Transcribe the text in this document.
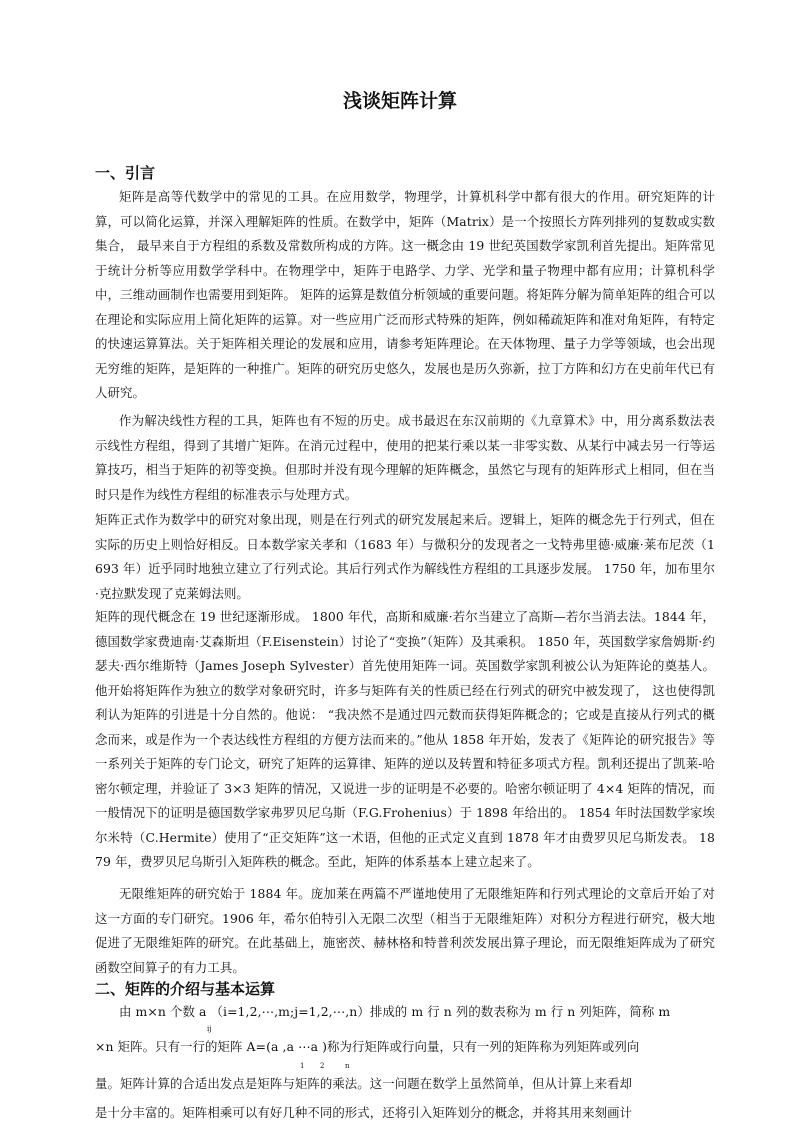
浅谈矩阵计算
一、引言
矩阵是高等代数学中的常见的工具。在应用数学，物理学，计算机科学中都有很大的作用。研究矩阵的计算，可以简化运算，并深入理解矩阵的性质。在数学中，矩阵（Matrix）是一个按照长方阵列排列的复数或实数集合， 最早来自于方程组的系数及常数所构成的方阵。这一概念由 19 世纪英国数学家凯利首先提出。矩阵常见于统计分析等应用数学学科中。在物理学中，矩阵于电路学、力学、光学和量子物理中都有应用；计算机科学中，三维动画制作也需要用到矩阵。 矩阵的运算是数值分析领域的重要问题。将矩阵分解为简单矩阵的组合可以在理论和实际应用上简化矩阵的运算。对一些应用广泛而形式特殊的矩阵，例如稀疏矩阵和准对角矩阵，有特定的快速运算算法。关于矩阵相关理论的发展和应用，请参考矩阵理论。在天体物理、量子力学等领域，也会出现无穷维的矩阵，是矩阵的一种推广。矩阵的研究历史悠久，发展也是历久弥新，拉丁方阵和幻方在史前年代已有人研究。
作为解决线性方程的工具，矩阵也有不短的历史。成书最迟在东汉前期的《九章算术》中，用分离系数法表示线性方程组，得到了其增广矩阵。在消元过程中，使用的把某行乘以某一非零实数、从某行中减去另一行等运算技巧，相当于矩阵的初等变换。但那时并没有现今理解的矩阵概念，虽然它与现有的矩阵形式上相同，但在当时只是作为线性方程组的标准表示与处理方式。
矩阵正式作为数学中的研究对象出现，则是在行列式的研究发展起来后。逻辑上，矩阵的概念先于行列式，但在实际的历史上则恰好相反。日本数学家关孝和（1683 年）与微积分的发现者之一戈特弗里德·威廉·莱布尼茨（1693 年）近乎同时地独立建立了行列式论。其后行列式作为解线性方程组的工具逐步发展。 1750 年，加布里尔·克拉默发现了克莱姆法则。
矩阵的现代概念在 19 世纪逐渐形成。 1800 年代，高斯和威廉·若尔当建立了高斯—若尔当消去法。1844 年，德国数学家费迪南·艾森斯坦（F.Eisenstein）讨论了“变换”（矩阵）及其乘积。 1850 年，英国数学家詹姆斯·约瑟夫·西尔维斯特（James Joseph Sylvester）首先使用矩阵一词。英国数学家凯利被公认为矩阵论的奠基人。他开始将矩阵作为独立的数学对象研究时，许多与矩阵有关的性质已经在行列式的研究中被发现了， 这也使得凯利认为矩阵的引进是十分自然的。他说： “我决然不是通过四元数而获得矩阵概念的；它或是直接从行列式的概念而来，或是作为一个表达线性方程组的方便方法而来的。”他从 1858 年开始，发表了《矩阵论的研究报告》等一系列关于矩阵的专门论文，研究了矩阵的运算律、矩阵的逆以及转置和特征多项式方程。凯利还提出了凯莱-哈密尔顿定理，并验证了 3×3 矩阵的情况，又说进一步的证明是不必要的。哈密尔顿证明了 4×4 矩阵的情况，而一般情况下的证明是德国数学家弗罗贝尼乌斯（F.G.Frohenius）于 1898 年给出的。 1854 年时法国数学家埃尔米特（C.Hermite）使用了“正交矩阵”这一术语，但他的正式定义直到 1878 年才由费罗贝尼乌斯发表。 1879 年，费罗贝尼乌斯引入矩阵秩的概念。至此，矩阵的体系基本上建立起来了。
无限维矩阵的研究始于 1884 年。庞加莱在两篇不严谨地使用了无限维矩阵和行列式理论的文章后开始了对这一方面的专门研究。1906 年，希尔伯特引入无限二次型（相当于无限维矩阵）对积分方程进行研究，极大地促进了无限维矩阵的研究。在此基础上，施密茨、赫林格和特普利茨发展出算子理论，而无限维矩阵成为了研究函数空间算子的有力工具。
二、矩阵的介绍与基本运算
由 m×n 个数 a （i=1,2,⋯,m;j=1,2,⋯,n）排成的 m 行 n 列的数表称为 m 行 n 列矩阵，简称 m
ij
×n 矩阵。只有一行的矩阵 A=(a ,a ⋯a )称为行矩阵或行向量，只有一列的矩阵称为列矩阵或列向
1 2	n
量。矩阵计算的合适出发点是矩阵与矩阵的乘法。这一问题在数学上虽然简单，但从计算上来看却
是十分丰富的。矩阵相乘可以有好几种不同的形式，还将引入矩阵划分的概念，并将其用来刻画计
